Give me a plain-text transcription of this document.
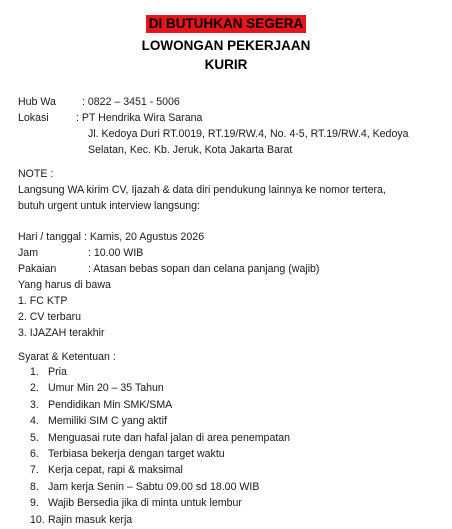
DI BUTUHKAN SEGERA
LOWONGAN PEKERJAAN
KURIR
Hub Wa : 0822 – 3451 - 5006
Lokasi	: PT Hendrika Wira Sarana
Jl. Kedoya Duri RT.0019, RT.19/RW.4, No. 4-5, RT.19/RW.4, Kedoya
Selatan, Kec. Kb. Jeruk, Kota Jakarta Barat
NOTE :
Langsung WA kirim CV, Ijazah & data diri pendukung lainnya ke nomor tertera,
butuh urgent untuk interview langsung:
Hari / tanggal : Kamis, 20 Agustus 2026
Jam	: 10.00 WIB
Pakaian	: Atasan bebas sopan dan celana panjang (wajib)
Yang harus di bawa
1. FC KTP
2. CV terbaru
3. IJAZAH terakhir
Syarat & Ketentuan :
1. Pria
2. Umur Min 20 – 35 Tahun
3. Pendidikan Min SMK/SMA
4. Memiliki SIM C yang aktif
5. Menguasai rute dan hafal jalan di area penempatan
6. Terbiasa bekerja dengan target waktu
7. Kerja cepat, rapi & maksimal
8. Jam kerja Senin – Sabtu 09.00 sd 18.00 WIB
9. Wajib Bersedia jika di minta untuk lembur
10. Rajin masuk kerja
